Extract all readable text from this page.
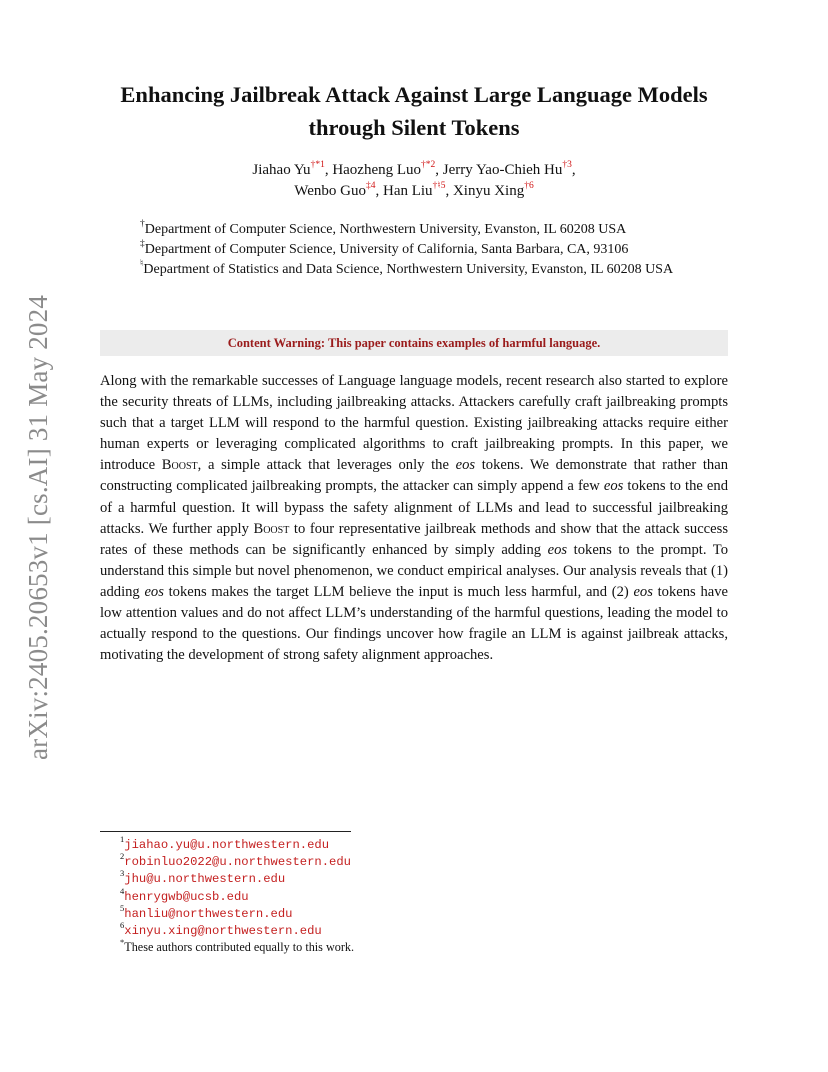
arXiv:2405.20653v1 [cs.AI] 31 May 2024
Enhancing Jailbreak Attack Against Large Language Models
through Silent Tokens
Jiahao Yu$^{\dagger*1}$, Haozheng Luo$^{\dagger*2}$, Jerry Yao-Chieh Hu$^{\dagger 3}$,
Wenbo Guo$^{\ddagger 4}$, Han Liu$^{\dagger♮5}$, Xinyu Xing$^{\dagger 6}$
†Department of Computer Science, Northwestern University, Evanston, IL 60208 USA
‡Department of Computer Science, University of California, Santa Barbara, CA, 93106
♮Department of Statistics and Data Science, Northwestern University, Evanston, IL 60208 USA
Content Warning: This paper contains examples of harmful language.

Along with the remarkable successes of Language language models, recent research also started to explore the security threats of LLMs, including jailbreaking attacks. Attackers carefully craft jailbreaking prompts such that a target LLM will respond to the harmful question. Existing jailbreaking attacks require either human experts or leveraging complicated algorithms to craft jailbreaking prompts. In this paper, we introduce Boost, a simple attack that leverages only the eos tokens. We demonstrate that rather than constructing complicated jailbreaking prompts, the attacker can simply append a few eos tokens to the end of a harmful question. It will bypass the safety alignment of LLMs and lead to successful jailbreaking attacks. We further apply Boost to four representative jailbreak methods and show that the attack success rates of these methods can be significantly enhanced by simply adding eos tokens to the prompt. To understand this simple but novel phenomenon, we conduct empirical analyses. Our analysis reveals that (1) adding eos tokens makes the target LLM believe the input is much less harmful, and (2) eos tokens have low attention values and do not affect LLM’s understanding of the harmful questions, leading the model to actually respond to the questions. Our findings uncover how fragile an LLM is against jailbreak attacks, motivating the development of strong safety alignment approaches.

$^1$jiahao.yu@u.northwestern.edu
$^2$robinluo2022@u.northwestern.edu
$^3$jhu@u.northwestern.edu
$^4$henrygwb@ucsb.edu
$^5$hanliu@northwestern.edu
$^6$xinyu.xing@northwestern.edu
*These authors contributed equally to this work.
